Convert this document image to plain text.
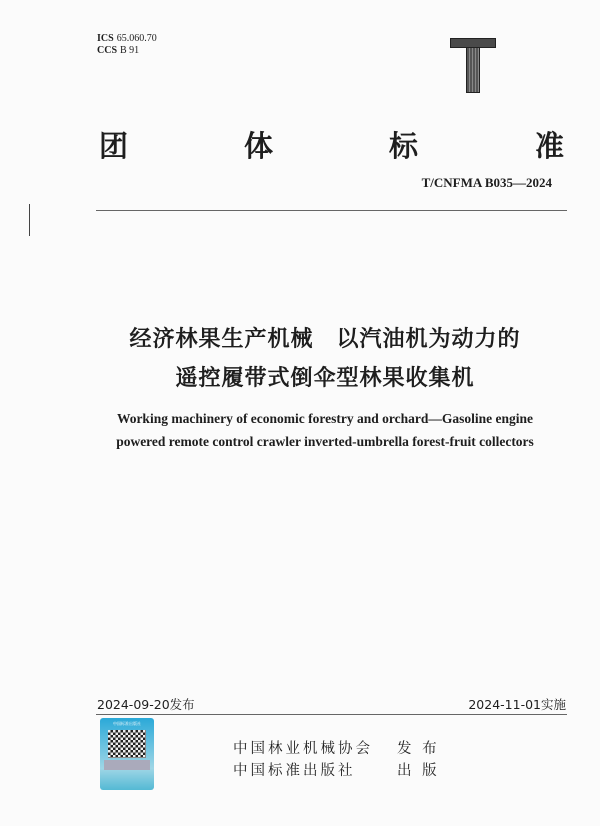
ICS 65.060.70
CCS B 91
团	体	标	准
T/CNFMA B035—2024
经济林果生产机械　以汽油机为动力的
遥控履带式倒伞型林果收集机
Working machinery of economic forestry and orchard—Gasoline engine
powered remote control crawler inverted-umbrella forest-fruit collectors
2024-09-20发布	2024-11-01实施
中国标准出版社
中国林业机械协会 发 布
中国标准出版社	出 版
